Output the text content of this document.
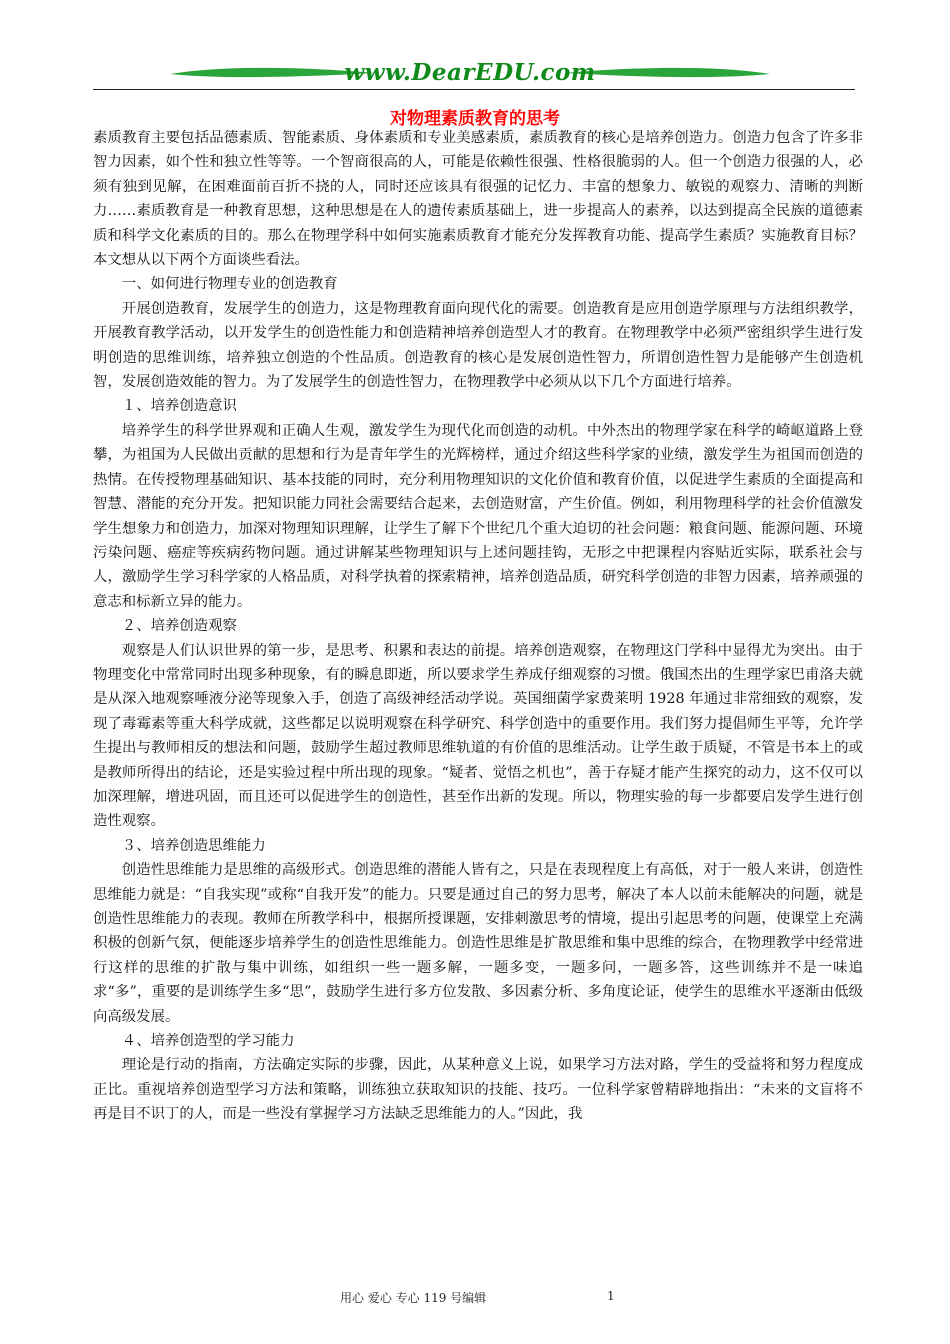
www.DearEDU.com
对物理素质教育的思考

素质教育主要包括品德素质、智能素质、身体素质和专业美感素质，素质教育的核心是培养创造力。创造力包含了许多非智力因素，如个性和独立性等等。一个智商很高的人，可能是依赖性很强、性格很脆弱的人。但一个创造力很强的人，必须有独到见解，在困难面前百折不挠的人，同时还应该具有很强的记忆力、丰富的想象力、敏锐的观察力、清晰的判断力……素质教育是一种教育思想，这种思想是在人的遗传素质基础上，进一步提高人的素养，以达到提高全民族的道德素质和科学文化素质的目的。那么在物理学科中如何实施素质教育才能充分发挥教育功能、提高学生素质？实施教育目标？本文想从以下两个方面谈些看法。

一、如何进行物理专业的创造教育

开展创造教育，发展学生的创造力，这是物理教育面向现代化的需要。创造教育是应用创造学原理与方法组织教学，开展教育教学活动，以开发学生的创造性能力和创造精神培养创造型人才的教育。在物理教学中必须严密组织学生进行发明创造的思维训练，培养独立创造的个性品质。创造教育的核心是发展创造性智力，所谓创造性智力是能够产生创造机智，发展创造效能的智力。为了发展学生的创造性智力，在物理教学中必须从以下几个方面进行培养。

１、培养创造意识

培养学生的科学世界观和正确人生观，激发学生为现代化而创造的动机。中外杰出的物理学家在科学的崎岖道路上登攀，为祖国为人民做出贡献的思想和行为是青年学生的光辉榜样，通过介绍这些科学家的业绩，激发学生为祖国而创造的热情。在传授物理基础知识、基本技能的同时，充分利用物理知识的文化价值和教育价值，以促进学生素质的全面提高和智慧、潜能的充分开发。把知识能力同社会需要结合起来，去创造财富，产生价值。例如，利用物理科学的社会价值激发学生想象力和创造力，加深对物理知识理解，让学生了解下个世纪几个重大迫切的社会问题：粮食问题、能源问题、环境污染问题、癌症等疾病药物问题。通过讲解某些物理知识与上述问题挂钩，无形之中把课程内容贴近实际，联系社会与人，激励学生学习科学家的人格品质，对科学执着的探索精神，培养创造品质，研究科学创造的非智力因素，培养顽强的意志和标新立异的能力。

２、培养创造观察

观察是人们认识世界的第一步，是思考、积累和表达的前提。培养创造观察，在物理这门学科中显得尤为突出。由于物理变化中常常同时出现多种现象，有的瞬息即逝，所以要求学生养成仔细观察的习惯。俄国杰出的生理学家巴甫洛夫就是从深入地观察唾液分泌等现象入手，创造了高级神经活动学说。英国细菌学家费莱明 1928 年通过非常细致的观察，发现了毒霉素等重大科学成就，这些都足以说明观察在科学研究、科学创造中的重要作用。我们努力提倡师生平等，允许学生提出与教师相反的想法和问题，鼓励学生超过教师思维轨道的有价值的思维活动。让学生敢于质疑，不管是书本上的或是教师所得出的结论，还是实验过程中所出现的现象。“疑者、觉悟之机也”，善于存疑才能产生探究的动力，这不仅可以加深理解，增进巩固，而且还可以促进学生的创造性，甚至作出新的发现。所以，物理实验的每一步都要启发学生进行创造性观察。

３、培养创造思维能力

创造性思维能力是思维的高级形式。创造思维的潜能人皆有之，只是在表现程度上有高低，对于一般人来讲，创造性思维能力就是：“自我实现”或称“自我开发”的能力。只要是通过自己的努力思考，解决了本人以前未能解决的问题，就是创造性思维能力的表现。教师在所教学科中，根据所授课题，安排刺激思考的情境，提出引起思考的问题，使课堂上充满积极的创新气氛，便能逐步培养学生的创造性思维能力。创造性思维是扩散思维和集中思维的综合，在物理教学中经常进行这样的思维的扩散与集中训练，如组织一些一题多解，一题多变，一题多问，一题多答，这些训练并不是一味追求“多”，重要的是训练学生多“思”，鼓励学生进行多方位发散、多因素分析、多角度论证，使学生的思维水平逐渐由低级向高级发展。

４、培养创造型的学习能力

理论是行动的指南，方法确定实际的步骤，因此，从某种意义上说，如果学习方法对路，学生的受益将和努力程度成正比。重视培养创造型学习方法和策略，训练独立获取知识的技能、技巧。一位科学家曾精辟地指出：“未来的文盲将不再是目不识丁的人，而是一些没有掌握学习方法缺乏思维能力的人。”因此，我

用心 爱心 专心 119 号编辑	1
